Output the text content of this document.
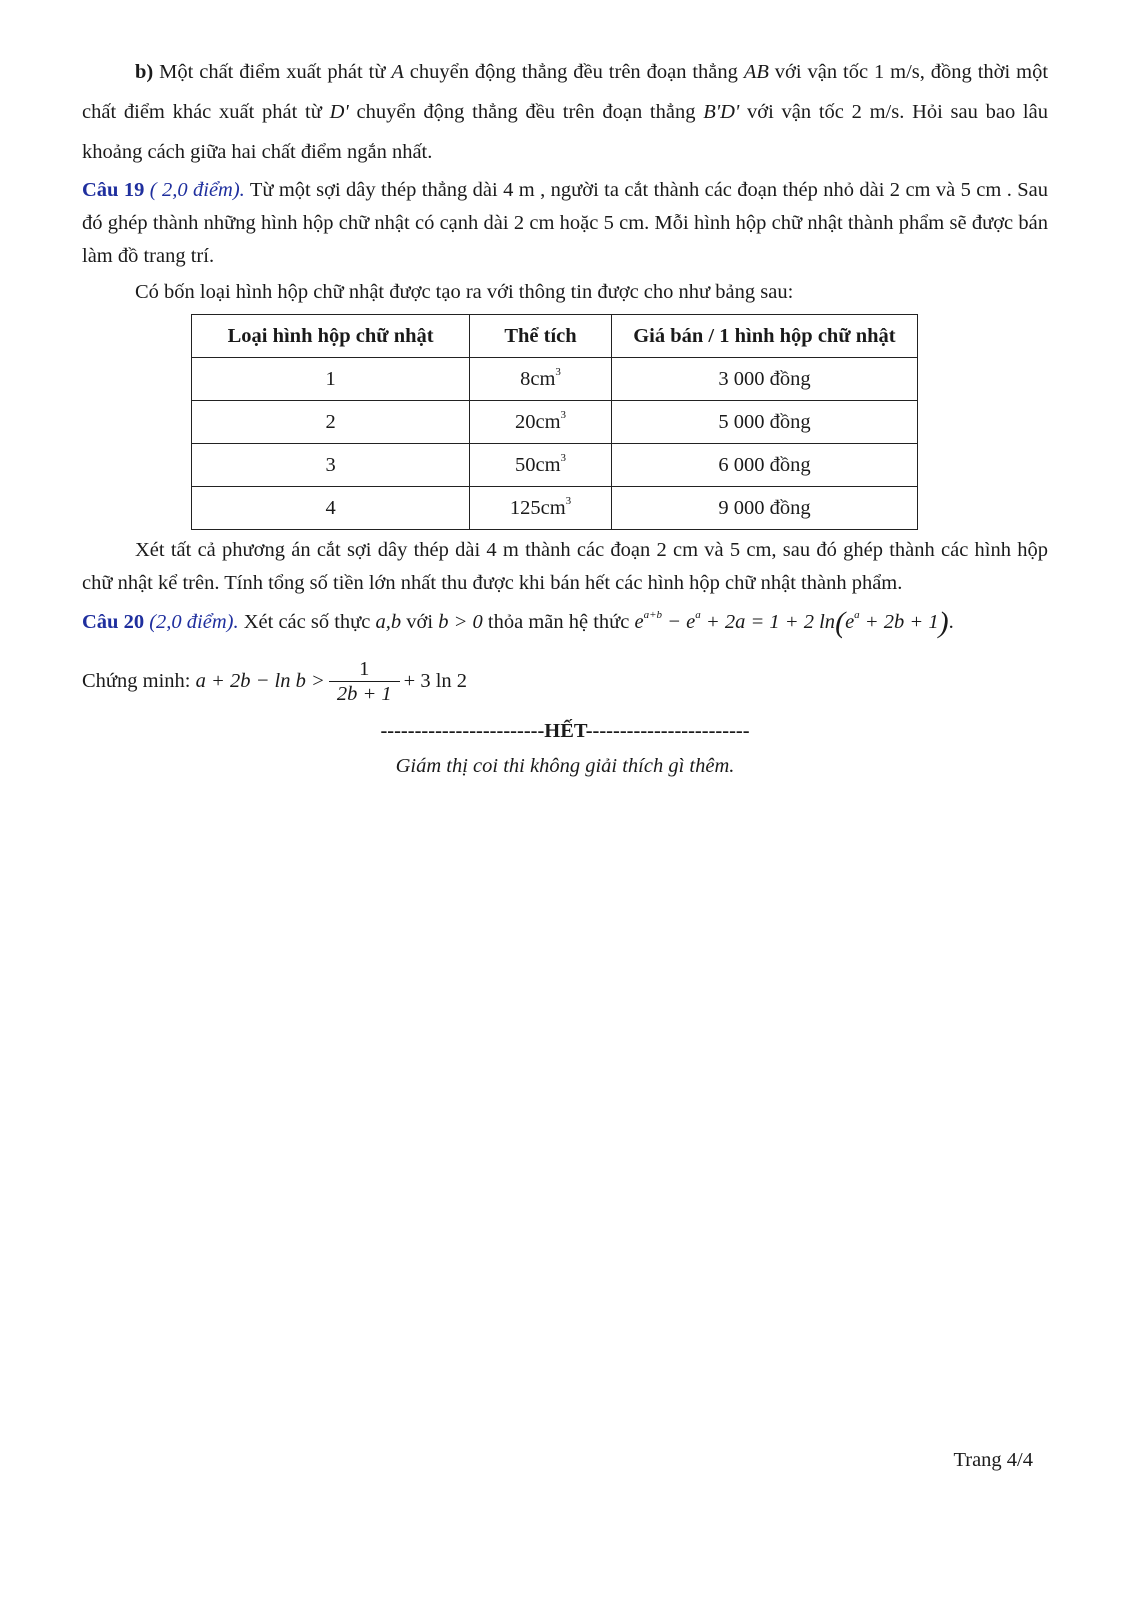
b) Một chất điểm xuất phát từ A chuyển động thẳng đều trên đoạn thẳng AB với vận tốc 1 m/s, đồng thời một chất điểm khác xuất phát từ D' chuyển động thẳng đều trên đoạn thẳng B'D' với vận tốc 2 m/s. Hỏi sau bao lâu khoảng cách giữa hai chất điểm ngắn nhất.

Câu 19 ( 2,0 điểm). Từ một sợi dây thép thẳng dài 4 m , người ta cắt thành các đoạn thép nhỏ dài 2 cm và 5 cm . Sau đó ghép thành những hình hộp chữ nhật có cạnh dài 2 cm hoặc 5 cm. Mỗi hình hộp chữ nhật thành phẩm sẽ được bán làm đồ trang trí.

Có bốn loại hình hộp chữ nhật được tạo ra với thông tin được cho như bảng sau:

Loại hình hộp chữ nhật	Thể tích	Giá bán / 1 hình hộp chữ nhật
1	$8cm^3$	3 000 đồng
2	$20cm^3$	5 000 đồng
3	$50cm^3$	6 000 đồng
4	$125cm^3$	9 000 đồng

Xét tất cả phương án cắt sợi dây thép dài 4 m thành các đoạn 2 cm và 5 cm, sau đó ghép thành các hình hộp chữ nhật kể trên. Tính tổng số tiền lớn nhất thu được khi bán hết các hình hộp chữ nhật thành phẩm.

Câu 20 (2,0 điểm). Xét các số thực a,b với b > 0 thỏa mãn hệ thức $e^{a+b} - e^a + 2a = 1 + 2$ $\ln(e^a + 2b + 1)$.

Chứng minh:
$a + 2b - \ln b > \frac{1}{2b + 1} + 3$ ln 2
------------------------HẾT------------------------
Giám thị coi thi không giải thích gì thêm.
Trang 4/4
